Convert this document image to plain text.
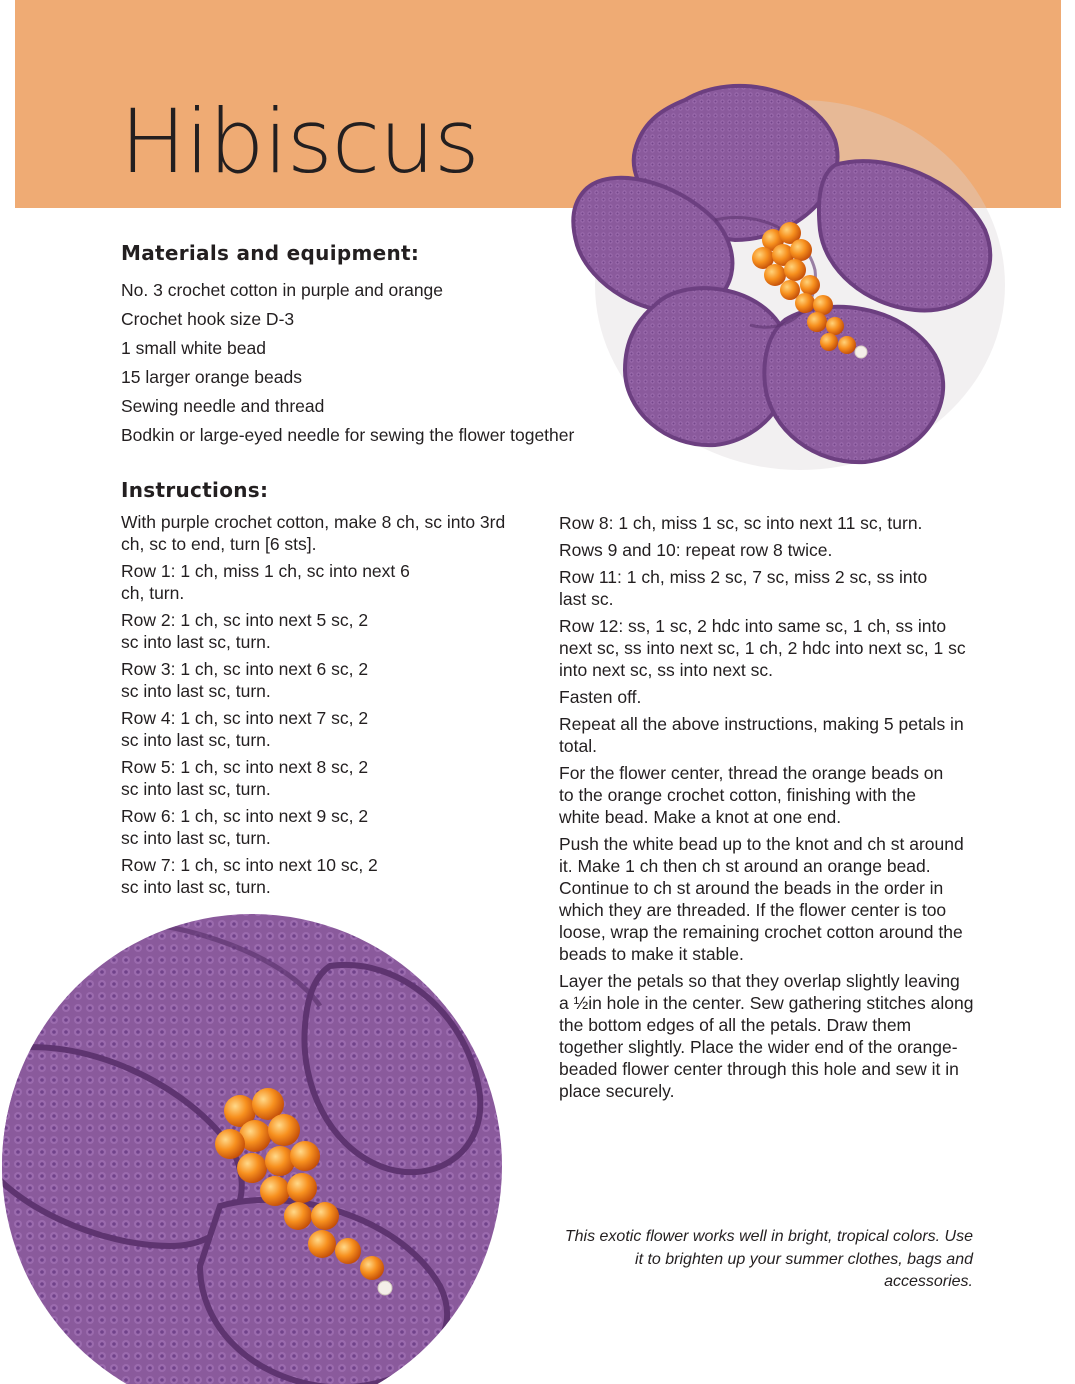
Hibiscus
Materials and equipment:
No. 3 crochet cotton in purple and orange
Crochet hook size D-3
1 small white bead
15 larger orange beads
Sewing needle and thread
Bodkin or large-eyed needle for sewing the flower together
Instructions:

With purple crochet cotton, make 8 ch, sc into 3rd ch, sc to end, turn [6 sts].

Row 1: 1 ch, miss 1 ch, sc into next 6 ch, turn.

Row 2: 1 ch, sc into next 5 sc, 2 sc into last sc, turn.

Row 3: 1 ch, sc into next 6 sc, 2 sc into last sc, turn.

Row 4: 1 ch, sc into next 7 sc, 2 sc into last sc, turn.

Row 5: 1 ch, sc into next 8 sc, 2 sc into last sc, turn.

Row 6: 1 ch, sc into next 9 sc, 2 sc into last sc, turn.

Row 7: 1 ch, sc into next 10 sc, 2 sc into last sc, turn.

Row 8: 1 ch, miss 1 sc, sc into next 11 sc, turn.

Rows 9 and 10: repeat row 8 twice.

Row 11: 1 ch, miss 2 sc, 7 sc, miss 2 sc, ss into last sc.

Row 12: ss, 1 sc, 2 hdc into same sc, 1 ch, ss into next sc, ss into next sc, 1 ch, 2 hdc into next sc, 1 sc into next sc, ss into next sc.

Fasten off.

Repeat all the above instructions, making 5 petals in total.

For the flower center, thread the orange beads on to the orange crochet cotton, finishing with the white bead. Make a knot at one end.

Push the white bead up to the knot and ch st around it. Make 1 ch then ch st around an orange bead. Continue to ch st around the beads in the order in which they are threaded. If the flower center is too loose, wrap the remaining crochet cotton around the beads to make it stable.

Layer the petals so that they overlap slightly leaving a ½in hole in the center. Sew gathering stitches along the bottom edges of all the petals. Draw them together slightly. Place the wider end of the orange-beaded flower center through this hole and sew it in place securely.

This exotic flower works well in bright, tropical colors. Use it to brighten up your summer clothes, bags and accessories.
